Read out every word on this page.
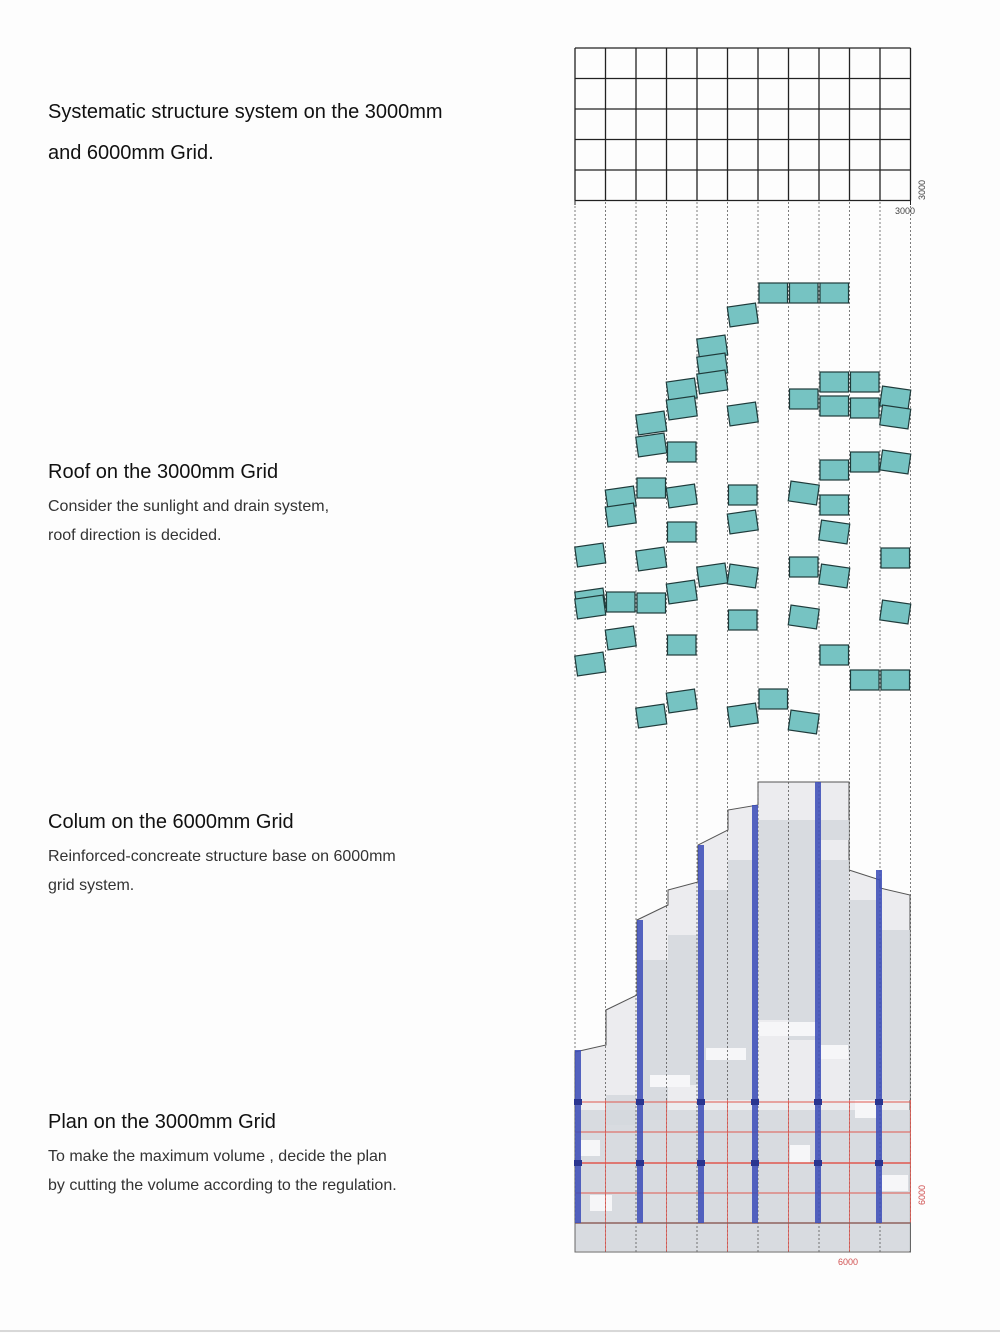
Systematic structure system on the 3000mm

and 6000mm Grid.

Roof on the 3000mm Grid

Consider the sunlight and drain system,

roof direction is decided.

Colum on the 6000mm Grid

Reinforced-concreate structure base on 6000mm

grid system.

Plan on the 3000mm Grid

To make the maximum volume , decide the plan

by cutting the volume according to the regulation.

3000
3000
6000
6000
